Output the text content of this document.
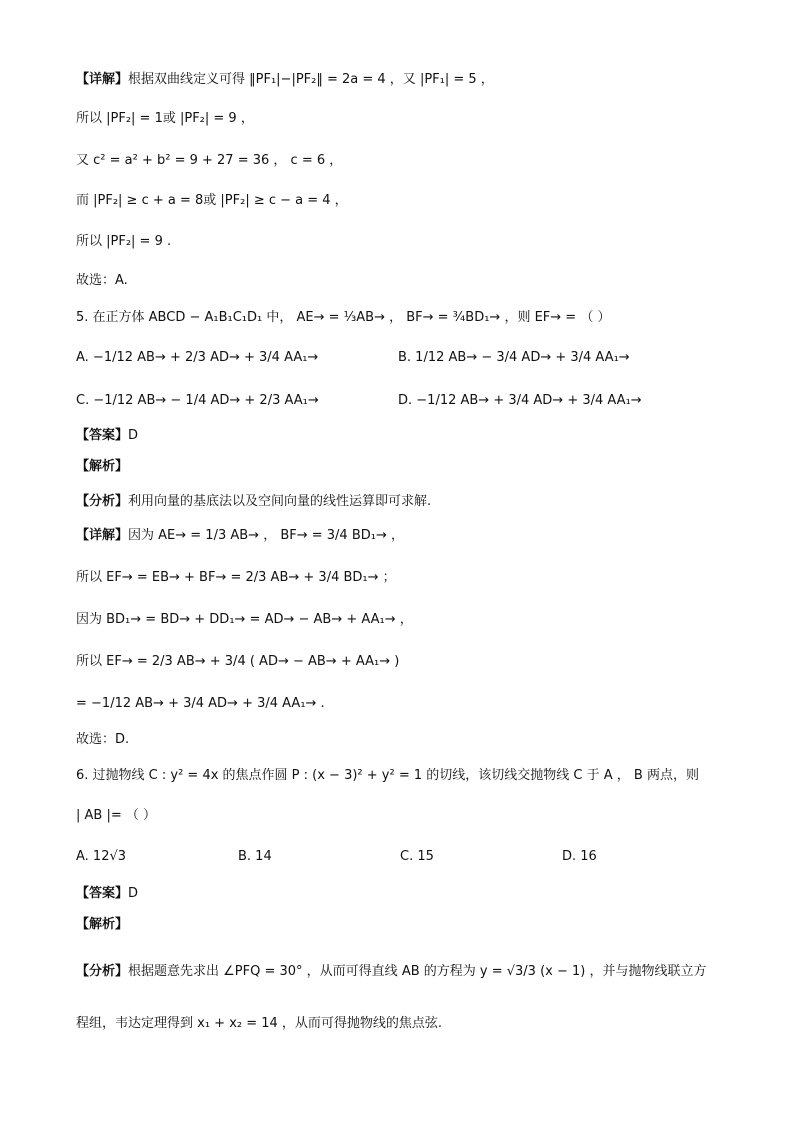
【详解】根据双曲线定义可得 ‖PF₁|−|PF₂‖ = 2a = 4 ，又 |PF₁| = 5 ，
所以 |PF₂| = 1或 |PF₂| = 9 ，
又 c² = a² + b² = 9 + 27 = 36 ， c = 6 ，
而 |PF₂| ≥ c + a = 8或 |PF₂| ≥ c − a = 4 ，
所以 |PF₂| = 9 .
故选：A.
5. 在正方体 ABCD − A₁B₁C₁D₁ 中， AE→ = ⅓AB→ ， BF→ = ¾BD₁→ ，则 EF→ = （ ）
A. −1/12 AB→ + 2/3 AD→ + 3/4 AA₁→	B. 1/12 AB→ − 3/4 AD→ + 3/4 AA₁→
C. −1/12 AB→ − 1/4 AD→ + 2/3 AA₁→	D. −1/12 AB→ + 3/4 AD→ + 3/4 AA₁→
【答案】D
【解析】
【分析】利用向量的基底法以及空间向量的线性运算即可求解.
【详解】因为 AE→ = 1/3 AB→ ， BF→ = 3/4 BD₁→ ，
所以 EF→ = EB→ + BF→ = 2/3 AB→ + 3/4 BD₁→ ；
因为 BD₁→ = BD→ + DD₁→ = AD→ − AB→ + AA₁→ ，
所以 EF→ = 2/3 AB→ + 3/4 ( AD→ − AB→ + AA₁→ )
= −1/12 AB→ + 3/4 AD→ + 3/4 AA₁→ .
故选：D.
6. 过抛物线 C : y² = 4x 的焦点作圆 P : (x − 3)² + y² = 1 的切线，该切线交抛物线 C 于 A ， B 两点，则
| AB |= （ ）
A. 12√3	B. 14	C. 15	D. 16
【答案】D
【解析】
【分析】根据题意先求出 ∠PFQ = 30° ，从而可得直线 AB 的方程为 y = √3/3 (x − 1) ，并与抛物线联立方
程组，韦达定理得到 x₁ + x₂ = 14 ，从而可得抛物线的焦点弦.
